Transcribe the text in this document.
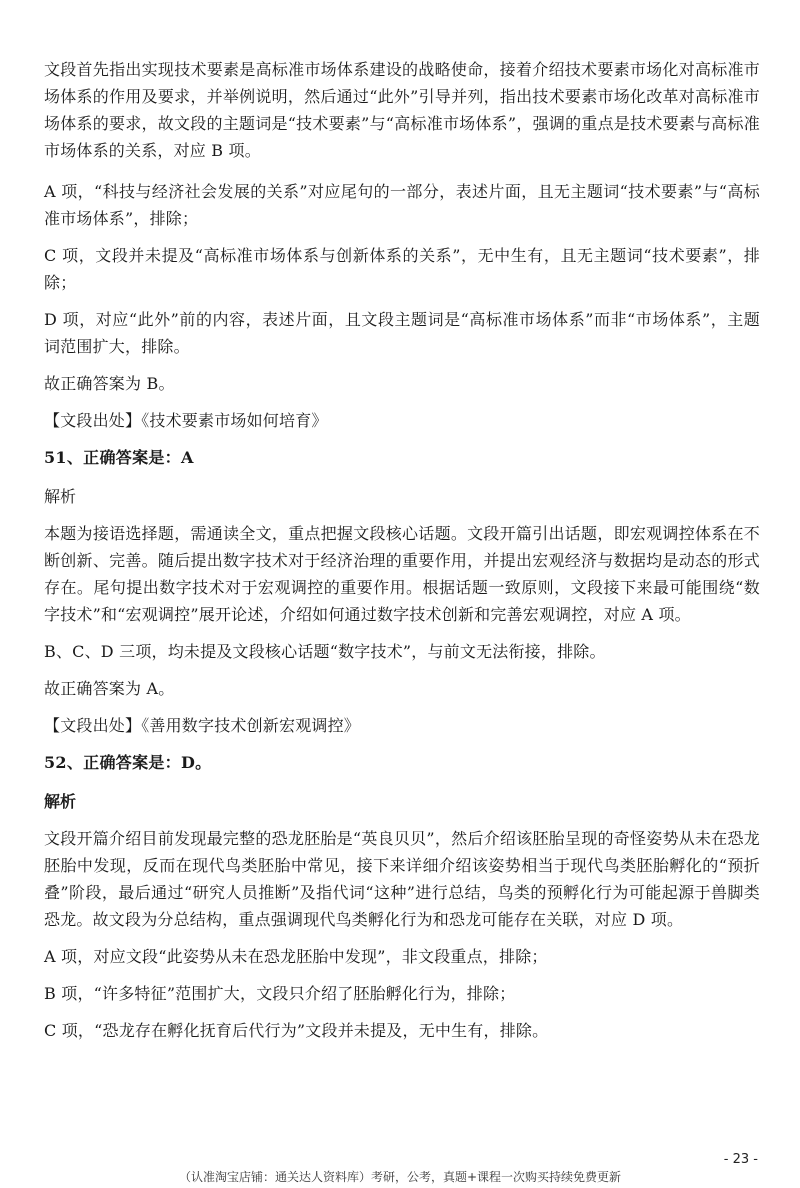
文段首先指出实现技术要素是高标准市场体系建设的战略使命，接着介绍技术要素市场化对高标准市场体系的作用及要求，并举例说明，然后通过“此外”引导并列，指出技术要素市场化改革对高标准市场体系的要求，故文段的主题词是“技术要素”与“高标准市场体系”，强调的重点是技术要素与高标准市场体系的关系，对应 B 项。

A 项，“科技与经济社会发展的关系”对应尾句的一部分，表述片面，且无主题词“技术要素”与“高标准市场体系”，排除；

C 项，文段并未提及“高标准市场体系与创新体系的关系”，无中生有，且无主题词“技术要素”，排除；

D 项，对应“此外”前的内容，表述片面，且文段主题词是“高标准市场体系”而非“市场体系”，主题词范围扩大，排除。

故正确答案为 B。

【文段出处】《技术要素市场如何培育》

51、正确答案是：A
解析

本题为接语选择题，需通读全文，重点把握文段核心话题。文段开篇引出话题，即宏观调控体系在不断创新、完善。随后提出数字技术对于经济治理的重要作用，并提出宏观经济与数据均是动态的形式存在。尾句提出数字技术对于宏观调控的重要作用。根据话题一致原则，文段接下来最可能围绕“数字技术”和“宏观调控”展开论述，介绍如何通过数字技术创新和完善宏观调控，对应 A 项。

B、C、D 三项，均未提及文段核心话题“数字技术”，与前文无法衔接，排除。

故正确答案为 A。

【文段出处】《善用数字技术创新宏观调控》

52、正确答案是：D。
解析

文段开篇介绍目前发现最完整的恐龙胚胎是“英良贝贝”，然后介绍该胚胎呈现的奇怪姿势从未在恐龙胚胎中发现，反而在现代鸟类胚胎中常见，接下来详细介绍该姿势相当于现代鸟类胚胎孵化的“预折叠”阶段，最后通过“研究人员推断”及指代词“这种”进行总结，鸟类的预孵化行为可能起源于兽脚类恐龙。故文段为分总结构，重点强调现代鸟类孵化行为和恐龙可能存在关联，对应 D 项。

A 项，对应文段“此姿势从未在恐龙胚胎中发现”，非文段重点，排除；

B 项，“许多特征”范围扩大，文段只介绍了胚胎孵化行为，排除；

C 项，“恐龙存在孵化抚育后代行为”文段并未提及，无中生有，排除。

- 23 -
（认准淘宝店铺：通关达人资料库）考研，公考，真题+课程一次购买持续免费更新
